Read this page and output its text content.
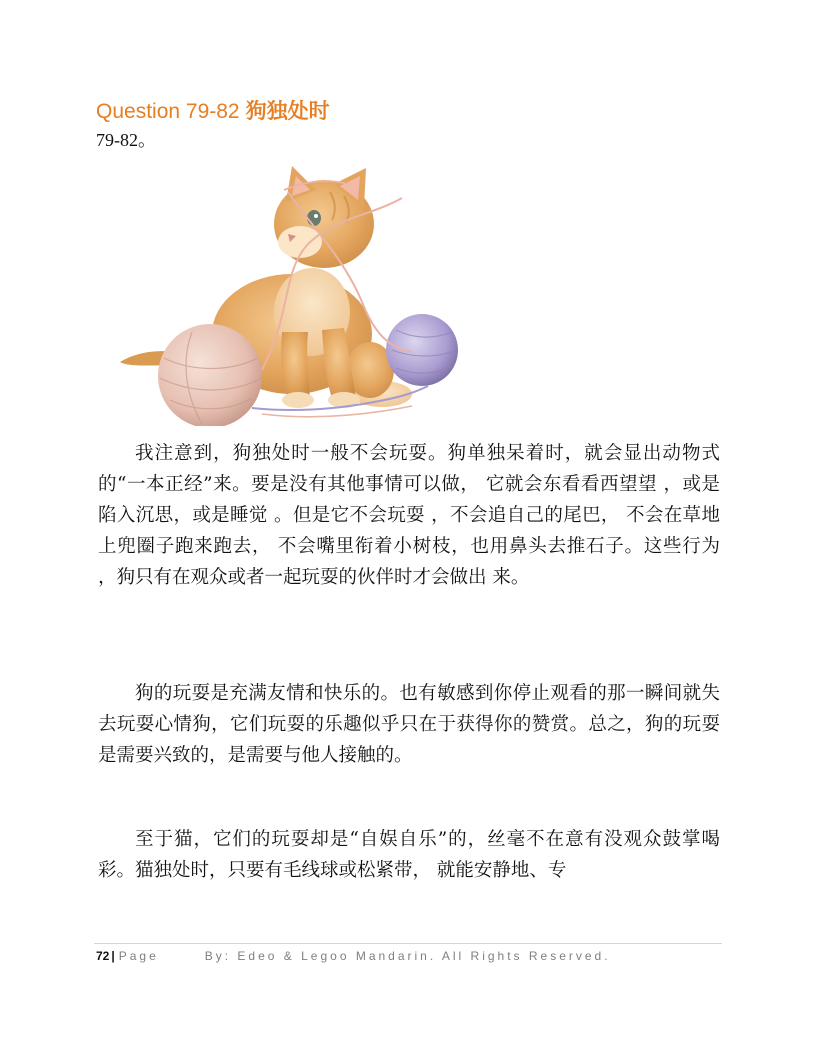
Question 79-82 狗独处时
79-82。

我注意到，狗独处时一般不会玩耍。狗单独呆着时，就会显出动物式的“一本正经”来。要是没有其他事情可以做， 它就会东看看西望望 ，或是陷入沉思，或是睡觉 。但是它不会玩耍 ，不会追自己的尾巴， 不会在草地上兜圈子跑来跑去， 不会嘴里衔着小树枝，也用鼻头去推石子。这些行为 ，狗只有在观众或者一起玩耍的伙伴时才会做出 来。

狗的玩耍是充满友情和快乐的。也有敏感到你停止观看的那一瞬间就失去玩耍心情狗，它们玩耍的乐趣似乎只在于获得你的赞赏。总之，狗的玩耍是需要兴致的，是需要与他人接触的。

至于猫，它们的玩耍却是“自娱自乐”的，丝毫不在意有没观众鼓掌喝彩。猫独处时，只要有毛线球或松紧带， 就能安静地、专

72 | Page	By: Edeo & Legoo Mandarin. All Rights Reserved.
